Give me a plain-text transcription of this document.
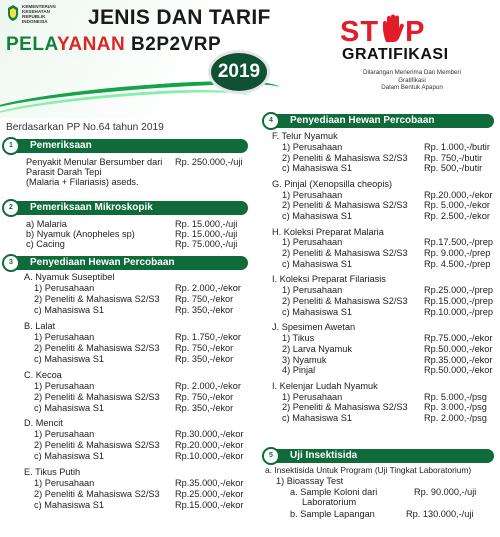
KEMENTERIAN
KESEHATAN
REPUBLIK
INDONESIA	JENIS DAN TARIF
PELAYANAN B2P2VRP
2019
ST P
GRATIFIKASI
Dilarangan Menerima Dan Memberi Gratifikasi
Dalam Bentuk Apapun
Berdasarkan PP No.64 tahun 2019
1	Pemeriksaan
Penyakit Menular Bersumber dari Rp. 250.000,-/uji
Parasit Darah Tepi
(Malaria + Filariasis) aseds.
2	Pemeriksaan Mikroskopik
a) Malaria	Rp. 15.000,-/uji
b) Nyamuk (Anopheles sp)	Rp. 15.000,-/uji
c) Cacing	Rp. 75.000,-/uji
3	Penyediaan Hewan Percobaan
A. Nyamuk Suseptibel
1) Perusahaan	Rp. 2.000,-/ekor
2) Peneliti & Mahasiswa S2/S3 Rp. 750,-/ekor
c) Mahasiswa S1	Rp. 350,-/ekor
B. Lalat
1) Perusahaan	Rp. 1.750,-/ekor
2) Peneliti & Mahasiswa S2/S3 Rp. 750,-/ekor
c) Mahasiswa S1	Rp. 350,-/ekor
C. Kecoa
1) Perusahaan	Rp. 2.000,-/ekor
2) Peneliti & Mahasiswa S2/S3 Rp. 750,-/ekor
c) Mahasiswa S1	Rp. 350,-/ekor
D. Mencit
1) Perusahaan	Rp.30.000,-/ekor
2) Peneliti & Mahasiswa S2/S3 Rp.20.000,-/ekor
c) Mahasiswa S1	Rp.10.000,-/ekor
E. Tikus Putih
1) Perusahaan	Rp.35.000,-/ekor
2) Peneliti & Mahasiswa S2/S3 Rp.25.000,-/ekor
c) Mahasiswa S1	Rp.15.000,-/ekor
4	Penyediaan Hewan Percobaan
F. Telur Nyamuk
1) Perusahaan	Rp. 1.000,-/butir
2) Peneliti & Mahasiswa S2/S3 Rp. 750,-/butir
c) Mahasiswa S1	Rp. 500,-/butir
G. Pinjal (Xenopsilla cheopis)
1) Perusahaan	Rp.20.000,-/ekor
2) Peneliti & Mahasiswa S2/S3 Rp. 5.000,-/ekor
c) Mahasiswa S1	Rp. 2.500,-/ekor
H. Koleksi Preparat Malaria
1) Perusahaan	Rp.17.500,-/prep
2) Peneliti & Mahasiswa S2/S3 Rp. 9.000,-/prep
c) Mahasiswa S1	Rp. 4.500,-/prep
I. Koleksi Preparat Filariasis
1) Perusahaan	Rp.25.000,-/prep
2) Peneliti & Mahasiswa S2/S3 Rp.15.000,-/prep
c) Mahasiswa S1	Rp.10.000,-/prep
J. Spesimen Awetan
1) Tikus	Rp.75.000,-/ekor
2) Larva Nyamuk	Rp.50.000,-/ekor
3) Nyamuk	Rp.35.000,-/ekor
4) Pinjal	Rp.50.000,-/ekor
I. Kelenjar Ludah Nyamuk
1) Perusahaan	Rp. 5.000,-/psg
2) Peneliti & Mahasiswa S2/S3 Rp. 3.000,-/psg
c) Mahasiswa S1	Rp. 2.000,-/psg
5	Uji Insektisida
a. Insektisida Untuk Program (Uji Tingkat Laboratorium)
1) Bioassay Test
a. Sample Koloni dari	Rp. 90.000,-/uji
Laboratorium
b. Sample Lapangan	Rp. 130.000,-/uji
